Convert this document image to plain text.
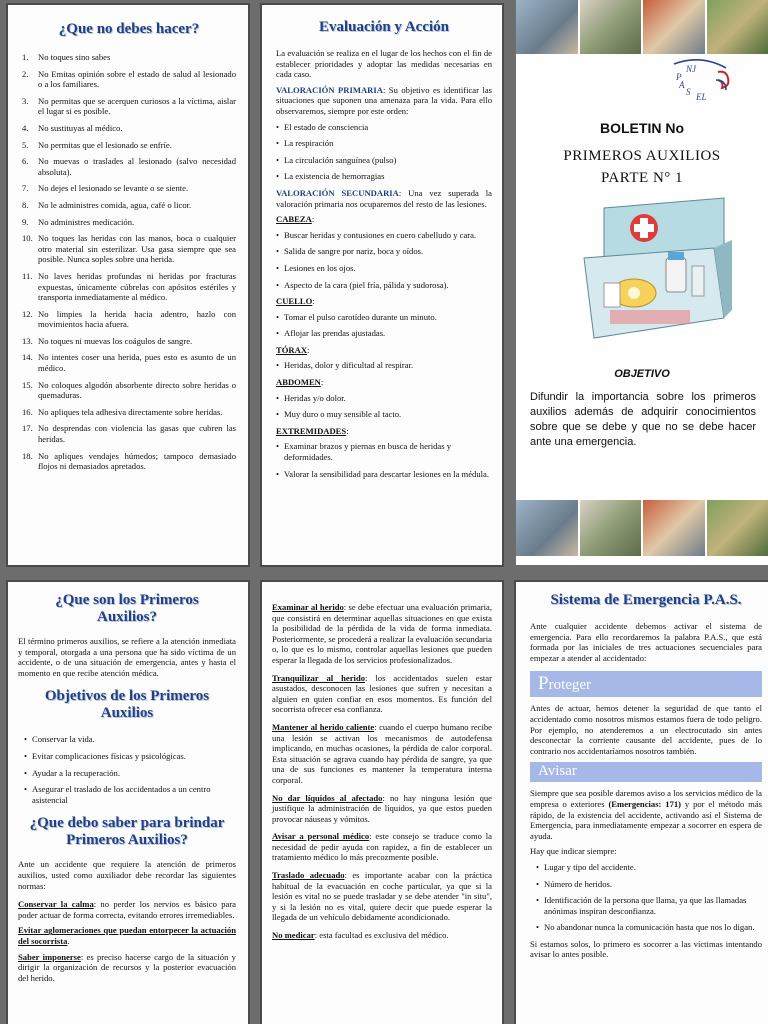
¿Que no debes hacer?
1.	No toques sino sabes
2.	No Emitas opinión sobre el estado de salud al lesionado o a los familiares.
3.	No permitas que se acerquen curiosos a la víctima, aislar el lugar si es posible.
4.	No sustituyas al médico.
5.	No permitas que el lesionado se enfríe.
6.	No muevas o traslades al lesionado (salvo necesidad absoluta).
7.	No dejes el lesionado se levante o se siente.
8.	No le administres comida, agua, café o licor.
9.	No administres medicación.
10. No toques las heridas con las manos, boca o cualquier otro material sin esterilizar. Usa gasa siempre que sea posible. Nunca soples sobre una herida.
11. No laves heridas profundas ni heridas por fracturas expuestas, únicamente cúbrelas con apósitos estériles y transporta inmediatamente al médico.
12. No limpies la herida hacia adentro, hazlo con movimientos hacia afuera.
13. No toques ni muevas los coágulos de sangre.
14. No intentes coser una herida, pues esto es asunto de un médico.
15. No coloques algodón absorbente directo sobre heridas o quemaduras.
16. No apliques tela adhesiva directamente sobre heridas.
17. No desprendas con violencia las gasas que cubren las heridas.
18. No apliques vendajes húmedos; tampoco demasiado flojos ni demasiados apretados.
Evaluación y Acción

La evaluación se realiza en el lugar de los hechos con el fin de establecer prioridades y adoptar las medidas necesarias en cada caso.

VALORACIÓN PRIMARIA: Su objetivo es identificar las situaciones que suponen una amenaza para la vida. Para ello observaremos, siempre por este orden:

• El estado de consciencia
• La respiración
• La circulación sanguínea (pulso)
• La existencia de hemorragias

VALORACIÓN SECUNDARIA: Una vez superada la valoración primaria nos ocuparemos del resto de las lesiones.

CABEZA:

• Buscar heridas y contusiones en cuero cabelludo y cara.
• Salida de sangre por nariz, boca y oídos.
• Lesiones en los ojos.
• Aspecto de la cara (piel fría, pálida y sudorosa).

CUELLO:

• Tomar el pulso carotídeo durante un minuto.
• Aflojar las prendas ajustadas.

TÓRAX:

• Heridas, dolor y dificultad al respirar.

ABDOMEN:

• Heridas y/o dolor.
• Muy duro o muy sensible al tacto.

EXTREMIDADES:

• Examinar brazos y piernas en busca de heridas y deformidades.
• Valorar la sensibilidad para descartar lesiones en la médula.
NJ
P
A
S EL
BOLETIN No
PRIMEROS AUXILIOS
PARTE N° 1
OBJETIVO
Difundir la importancia sobre los primeros auxilios además de adquirir conocimientos sobre que se debe y que no se debe hacer ante una emergencia.
¿Que son los Primeros Auxilios?

El término primeros auxilios, se refiere a la atención inmediata y temporal, otorgada a una persona que ha sido víctima de un accidente, o de una situación de emergencia, antes y hasta el momento en que recibe atención médica.

Objetivos de los Primeros Auxilios
• Conservar la vida.
• Evitar complicaciones físicas y psicológicas.
• Ayudar a la recuperación.
• Asegurar el traslado de los accidentados a un centro asistencial
¿Que debo saber para brindar Primeros Auxilios?

Ante un accidente que requiere la atención de primeros auxilios, usted como auxiliador debe recordar las siguientes normas:

Conservar la calma: no perder los nervios es básico para poder actuar de forma correcta, evitando errores irremediables.

Evitar aglomeraciones que puedan entorpecer la actuación del socorrista.

Saber imponerse: es preciso hacerse cargo de la situación y dirigir la organización de recursos y la posterior evacuación del herido.

Examinar al herido: se debe efectuar una evaluación primaria, que consistirá en determinar aquellas situaciones en que exista la posibilidad de la pérdida de la vida de forma inmediata. Posteriormente, se procederá a realizar la evaluación secundaria o, lo que es lo mismo, controlar aquellas lesiones que pueden esperar la llegada de los servicios profesionalizados.

Tranquilizar al herido: los accidentados suelen estar asustados, desconocen las lesiones que sufren y necesitan a alguien en quien confiar en esos momentos. Es función del socorrista ofrecer esa confianza.

Mantener al herido caliente: cuando el cuerpo humano recibe una lesión se activan los mecanismos de autodefensa implicando, en muchas ocasiones, la pérdida de calor corporal. Esta situación se agrava cuando hay pérdida de sangre, ya que una de sus funciones es mantener la temperatura interna corporal.

No dar líquidos al afectado: no hay ninguna lesión que justifique la administración de líquidos, ya que estos pueden provocar náuseas y vómitos.

Avisar a personal médico: este consejo se traduce como la necesidad de pedir ayuda con rapidez, a fin de establecer un tratamiento médico lo más precozmente posible.

Traslado adecuado: es importante acabar con la práctica habitual de la evacuación en coche particular, ya que si la lesión es vital no se puede trasladar y se debe atender "in situ", y si la lesión no es vital, quiere decir que puede esperar la llegada de un vehículo debidamente acondicionado.

No medicar: esta facultad es exclusiva del médico.

Sistema de Emergencia P.A.S.

Ante cualquier accidente debemos activar el sistema de emergencia. Para ello recordaremos la palabra P.A.S., que está formada por las iniciales de tres actuaciones secuenciales para empezar a atender al accidentado:

Proteger

Antes de actuar, hemos detener la seguridad de que tanto el accidentado como nosotros mismos estamos fuera de todo peligro. Por ejemplo, no atenderemos a un electrocutado sin antes desconectar la corriente causante del accidente, pues de lo contrario nos accidentaríamos nosotros también.

Avisar

Siempre que sea posible daremos aviso a los servicios médico de la empresa o exteriores (Emergencias: 171) y por el método más rápido, de la existencia del accidente, activando así el Sistema de Emergencia, para inmediatamente empezar a socorrer en espera de ayuda.

Hay que indicar siempre:

• Lugar y tipo del accidente.
• Número de heridos.
• Identificación de la persona que llama, ya que las llamadas anónimas inspiran desconfianza.
• No abandonar nunca la comunicación hasta que nos lo digan.

Si estamos solos, lo primero es socorrer a las víctimas intentando avisar lo antes posible.
